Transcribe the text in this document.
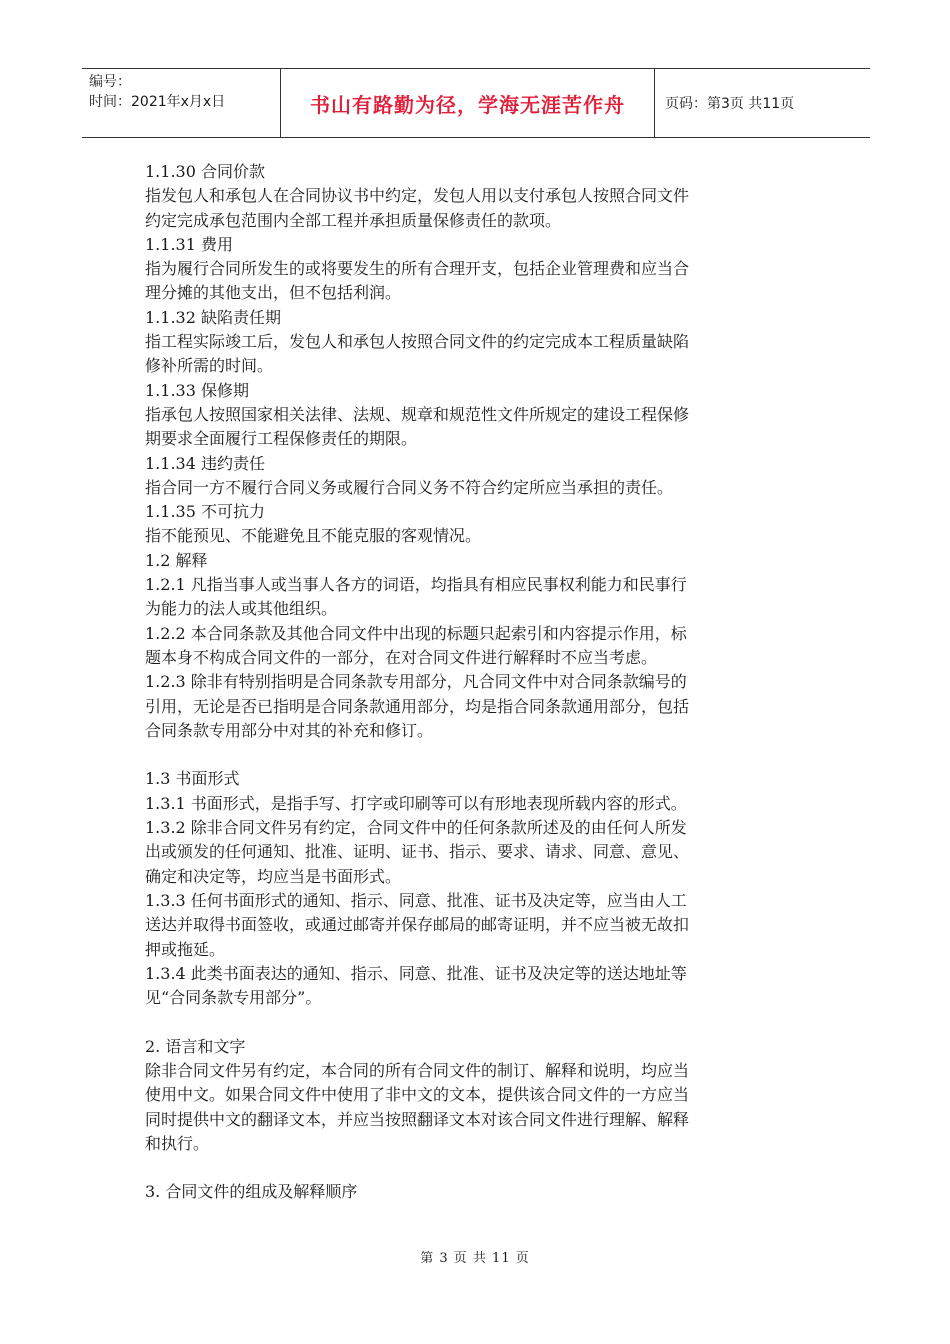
编号：
时间：2021年x月x日	书山有路勤为径，学海无涯苦作舟	页码：第3页 共11页
1.1.30 合同价款
指发包人和承包人在合同协议书中约定，发包人用以支付承包人按照合同文件
约定完成承包范围内全部工程并承担质量保修责任的款项。
1.1.31 费用
指为履行合同所发生的或将要发生的所有合理开支，包括企业管理费和应当合
理分摊的其他支出，但不包括利润。
1.1.32 缺陷责任期
指工程实际竣工后，发包人和承包人按照合同文件的约定完成本工程质量缺陷
修补所需的时间。
1.1.33 保修期
指承包人按照国家相关法律、法规、规章和规范性文件所规定的建设工程保修
期要求全面履行工程保修责任的期限。
1.1.34 违约责任
指合同一方不履行合同义务或履行合同义务不符合约定所应当承担的责任。
1.1.35 不可抗力
指不能预见、不能避免且不能克服的客观情况。
1.2 解释
1.2.1 凡指当事人或当事人各方的词语，均指具有相应民事权利能力和民事行
为能力的法人或其他组织。
1.2.2 本合同条款及其他合同文件中出现的标题只起索引和内容提示作用，标
题本身不构成合同文件的一部分，在对合同文件进行解释时不应当考虑。
1.2.3 除非有特别指明是合同条款专用部分，凡合同文件中对合同条款编号的
引用，无论是否已指明是合同条款通用部分，均是指合同条款通用部分，包括
合同条款专用部分中对其的补充和修订。
1.3 书面形式
1.3.1 书面形式，是指手写、打字或印刷等可以有形地表现所载内容的形式。
1.3.2 除非合同文件另有约定，合同文件中的任何条款所述及的由任何人所发
出或颁发的任何通知、批准、证明、证书、指示、要求、请求、同意、意见、
确定和决定等，均应当是书面形式。
1.3.3 任何书面形式的通知、指示、同意、批准、证书及决定等，应当由人工
送达并取得书面签收，或通过邮寄并保存邮局的邮寄证明，并不应当被无故扣
押或拖延。
1.3.4 此类书面表达的通知、指示、同意、批准、证书及决定等的送达地址等
见“合同条款专用部分”。
2. 语言和文字
除非合同文件另有约定，本合同的所有合同文件的制订、解释和说明，均应当
使用中文。如果合同文件中使用了非中文的文本，提供该合同文件的一方应当
同时提供中文的翻译文本，并应当按照翻译文本对该合同文件进行理解、解释
和执行。
3. 合同文件的组成及解释顺序
第 3 页 共 11 页
